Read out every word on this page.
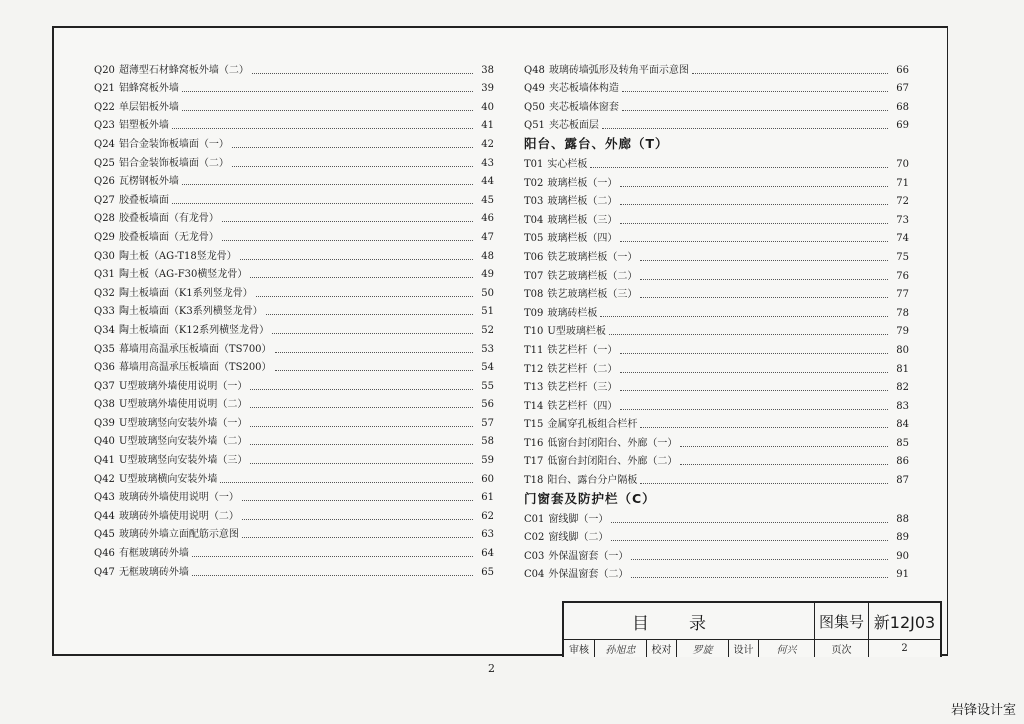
Q20 超薄型石材蜂窝板外墙（二）	38
Q21 铝蜂窝板外墙	39
Q22 单层铝板外墙	40
Q23 铝塑板外墙	41
Q24 铝合金装饰板墙面（一）	42
Q25 铝合金装饰板墙面（二）	43
Q26 瓦楞钢板外墙	44
Q27 胶叠板墙面	45
Q28 胶叠板墙面（有龙骨）	46
Q29 胶叠板墙面（无龙骨）	47
Q30 陶土板（AG-T18竖龙骨）	48
Q31 陶土板（AG-F30横竖龙骨）	49
Q32 陶土板墙面（K1系列竖龙骨）	50
Q33 陶土板墙面（K3系列横竖龙骨）	51
Q34 陶土板墙面（K12系列横竖龙骨）	52
Q35 幕墙用高温承压板墙面（TS700）	53
Q36 幕墙用高温承压板墙面（TS200）	54
Q37 U型玻璃外墙使用说明（一）	55
Q38 U型玻璃外墙使用说明（二）	56
Q39 U型玻璃竖向安装外墙（一）	57
Q40 U型玻璃竖向安装外墙（二）	58
Q41 U型玻璃竖向安装外墙（三）	59
Q42 U型玻璃横向安装外墙	60
Q43 玻璃砖外墙使用说明（一）	61
Q44 玻璃砖外墙使用说明（二）	62
Q45 玻璃砖外墙立面配筋示意图	63
Q46 有框玻璃砖外墙	64
Q47 无框玻璃砖外墙	65
Q48 玻璃砖墙弧形及转角平面示意图	66
Q49 夹芯板墙体构造	67
Q50 夹芯板墙体窗套	68
Q51 夹芯板面层	69
阳台、露台、外廊（T）
T01 实心栏板	70
T02 玻璃栏板（一）	71
T03 玻璃栏板（二）	72
T04 玻璃栏板（三）	73
T05 玻璃栏板（四）	74
T06 铁艺玻璃栏板（一）	75
T07 铁艺玻璃栏板（二）	76
T08 铁艺玻璃栏板（三）	77
T09 玻璃砖栏板	78
T10 U型玻璃栏板	79
T11 铁艺栏杆（一）	80
T12 铁艺栏杆（二）	81
T13 铁艺栏杆（三）	82
T14 铁艺栏杆（四）	83
T15 金属穿孔板组合栏杆	84
T16 低窗台封闭阳台、外廊（一）	85
T17 低窗台封闭阳台、外廊（二）	86
T18 阳台、露台分户隔板	87
门窗套及防护栏（C）
C01 窗线脚（一）	88
C02 窗线脚（二）	89
C03 外保温窗套（一）	90
C04 外保温窗套（二）	91
目录	图集号 新12J03
审核 孙旭忠 校对 罗旋 设计 何兴	页次	2
2
岩锋设计室
